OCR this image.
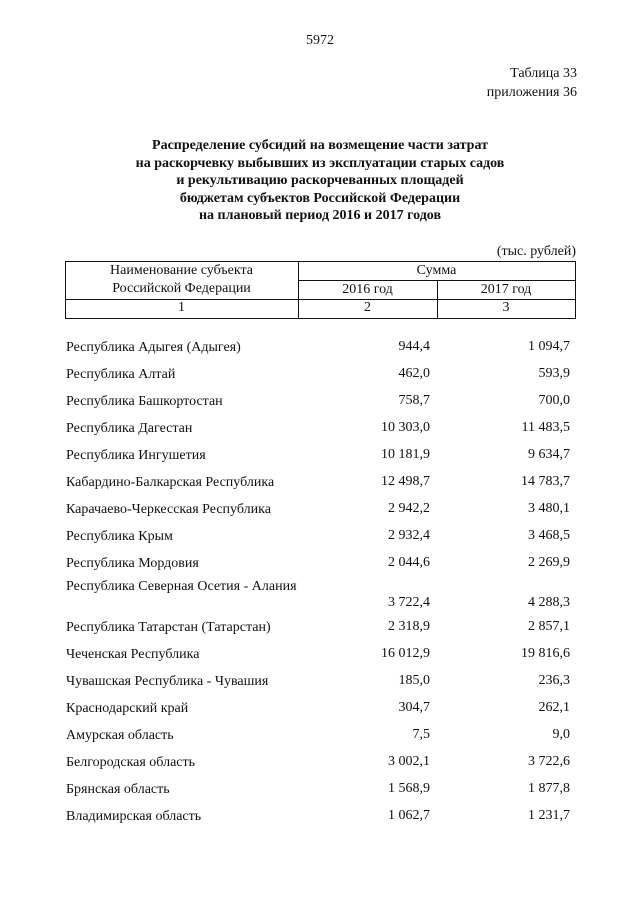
5972
Таблица 33
приложения 36
Распределение субсидий на возмещение части затрат
на раскорчевку выбывших из эксплуатации старых садов
и рекультивацию раскорчеванных площадей
бюджетам субъектов Российской Федерации
на плановый период 2016 и 2017 годов
(тыс. рублей)
Наименование субъекта
Российской Федерации
Сумма
2016 год	2017 год
1	2	3
Республика Адыгея (Адыгея)	944,4	1 094,7
Республика Алтай	462,0	593,9
Республика Башкортостан	758,7	700,0
Республика Дагестан	10 303,0	11 483,5
Республика Ингушетия	10 181,9	9 634,7
Кабардино-Балкарская Республика	12 498,7	14 783,7
Карачаево-Черкесская Республика	2 942,2	3 480,1
Республика Крым	2 932,4	3 468,5
Республика Мордовия	2 044,6	2 269,9
Республика Северная Осетия - Алания
3 722,4	4 288,3
Республика Татарстан (Татарстан)	2 318,9	2 857,1
Чеченская Республика	16 012,9	19 816,6
Чувашская Республика - Чувашия	185,0	236,3
Краснодарский край	304,7	262,1
Амурская область	7,5	9,0
Белгородская область	3 002,1	3 722,6
Брянская область	1 568,9	1 877,8
Владимирская область	1 062,7	1 231,7
